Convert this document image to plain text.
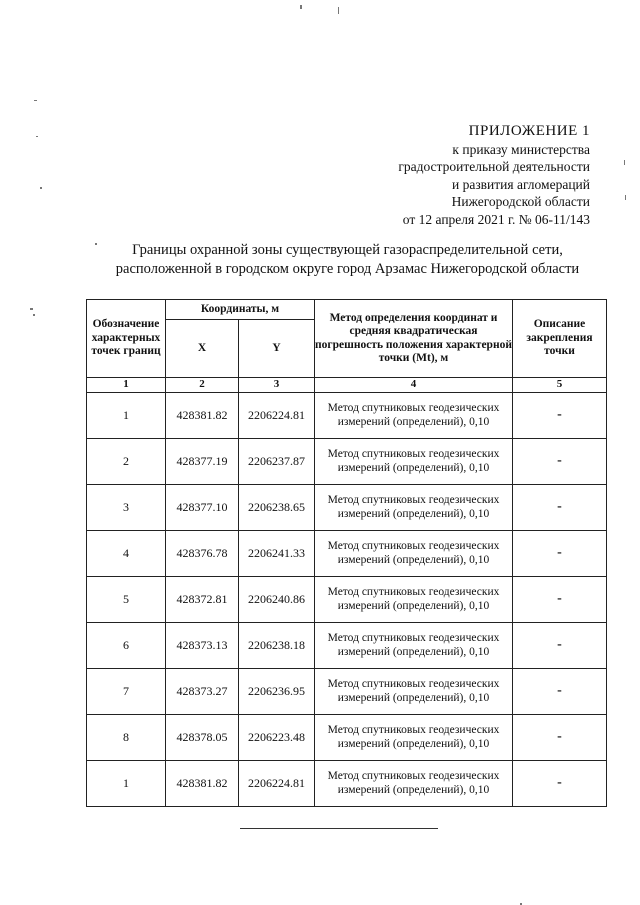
ПРИЛОЖЕНИЕ 1
к приказу министерства
градостроительной деятельности
и развития агломераций
Нижегородской области
от 12 апреля 2021 г. № 06-11/143
Границы охранной зоны существующей газораспределительной сети,
расположенной в городском округе город Арзамас Нижегородской области
Обозначение характерных точек границ	Координаты, м		Метод определения координат и средняя квадратическая погрешность положения характерной точки (Mt), м	Описание закрепления точки
	X	Y		
1	2	3	4	5
1	428381.82	2206224.81	Метод спутниковых геодезических измерений (определений), 0,10	-
2	428377.19	2206237.87	Метод спутниковых геодезических измерений (определений), 0,10	-
3	428377.10	2206238.65	Метод спутниковых геодезических измерений (определений), 0,10	-
4	428376.78	2206241.33	Метод спутниковых геодезических измерений (определений), 0,10	-
5	428372.81	2206240.86	Метод спутниковых геодезических измерений (определений), 0,10	-
6	428373.13	2206238.18	Метод спутниковых геодезических измерений (определений), 0,10	-
7	428373.27	2206236.95	Метод спутниковых геодезических измерений (определений), 0,10	-
8	428378.05	2206223.48	Метод спутниковых геодезических измерений (определений), 0,10	-
1	428381.82	2206224.81	Метод спутниковых геодезических измерений (определений), 0,10	-
